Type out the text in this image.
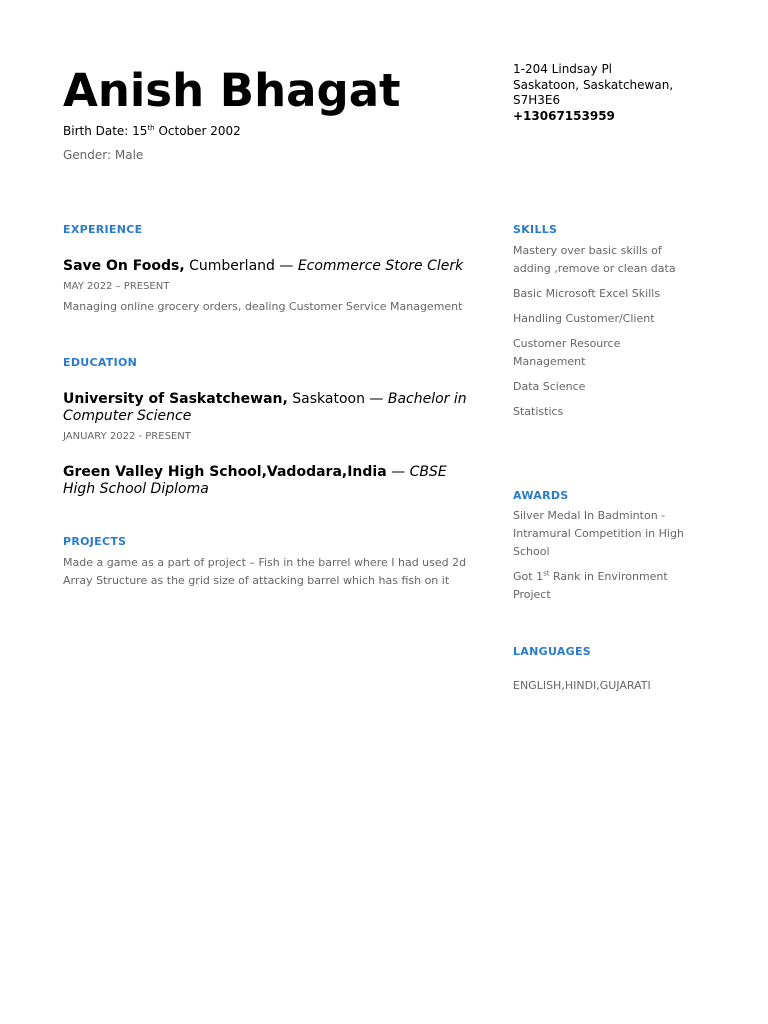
Anish Bhagat
Birth Date: 15th October 2002
Gender: Male
1-204 Lindsay Pl
Saskatoon, Saskatchewan,
S7H3E6
+13067153959
EXPERIENCE
Save On Foods, Cumberland — Ecommerce Store Clerk
MAY 2022 – PRESENT
Managing online grocery orders, dealing Customer Service Management
EDUCATION
University of Saskatchewan, Saskatoon — Bachelor in Computer Science
JANUARY 2022 - PRESENT
Green Valley High School,Vadodara,India — CBSE High School Diploma
PROJECTS
Made a game as a part of project – Fish in the barrel where I had used 2d Array Structure as the grid size of attacking barrel which has fish on it
SKILLS
Mastery over basic skills of adding ,remove or clean data
Basic Microsoft Excel Skills
Handling Customer/Client
Customer Resource Management
Data Science
Statistics
AWARDS
Silver Medal In Badminton - Intramural Competition in High School
Got 1st Rank in Environment Project
LANGUAGES
ENGLISH,HINDI,GUJARATI
